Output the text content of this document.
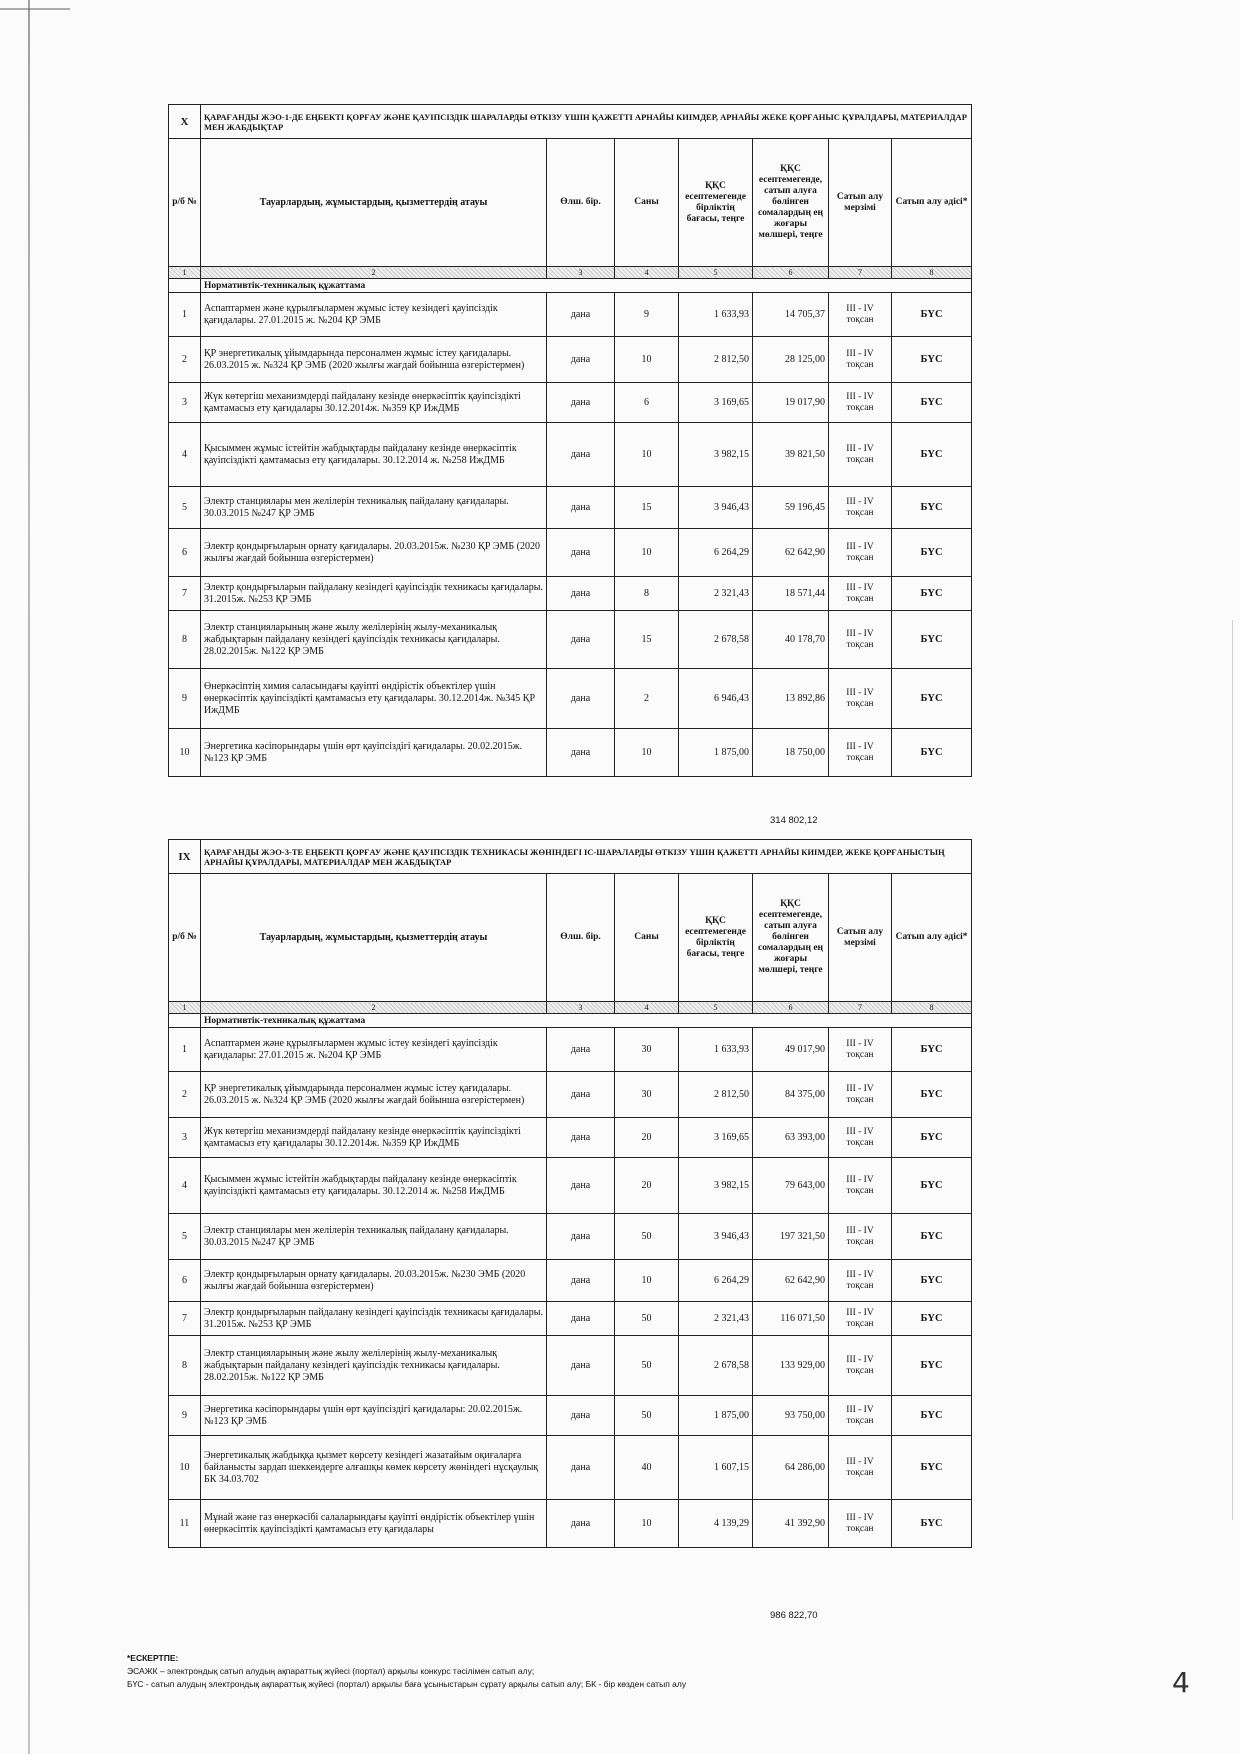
X	ҚАРАҒАНДЫ ЖЭО-1-ДЕ ЕҢБЕКТІ ҚОРҒАУ ЖӘНЕ ҚАУІПСІЗДІК ШАРАЛАРДЫ ӨТКІЗУ ҮШІН ҚАЖЕТТІ АРНАЙЫ КИІМДЕР, АРНАЙЫ ЖЕКЕ ҚОРҒАНЫС ҚҰРАЛДАРЫ, МАТЕРИАЛДАР МЕН ЖАБДЫҚТАР						
р/б №	Тауарлардың, жұмыстардың, қызметтердің атауы	Өлш. бір.	Саны	ҚҚС есептемегенде бірліктің бағасы, теңге	ҚҚС есептемегенде, сатып алуға бөлінген сомалардың ең жоғары мөлшері, теңге	Сатып алу мерзімі	Сатып алу әдісі*
1	2	3	4	5	6	7	8
	Нормативтік-техникалық құжаттама						
1	Аспаптармен және құрылғылармен жұмыс істеу кезіндегі қауіпсіздік қағидалары. 27.01.2015 ж. №204 ҚР ЭМБ	дана	9	1 633,93	14 705,37	III - IV тоқсан	БҮС
2	ҚР энергетикалық ұйымдарында персоналмен жұмыс істеу қағидалары. 26.03.2015 ж. №324 ҚР ЭМБ (2020 жылғы жағдай бойынша өзгерістермен)	дана	10	2 812,50	28 125,00	III - IV тоқсан	БҮС
3	Жүк көтергіш механизмдерді пайдалану кезінде өнеркәсіптік қауіпсіздікті қамтамасыз ету қағидалары 30.12.2014ж. №359 ҚР ИжДМБ	дана	6	3 169,65	19 017,90	III - IV тоқсан	БҮС
4	Қысыммен жұмыс істейтін жабдықтарды пайдалану кезінде өнеркәсіптік қауіпсіздікті қамтамасыз ету қағидалары. 30.12.2014 ж. №258 ИжДМБ	дана	10	3 982,15	39 821,50	III - IV тоқсан	БҮС
5	Электр станциялары мен желілерін техникалық пайдалану қағидалары. 30.03.2015 №247 ҚР ЭМБ	дана	15	3 946,43	59 196,45	III - IV тоқсан	БҮС
6	Электр қондырғыларын орнату қағидалары. 20.03.2015ж. №230 ҚР ЭМБ (2020 жылғы жағдай бойынша өзгерістермен)	дана	10	6 264,29	62 642,90	III - IV тоқсан	БҮС
7	Электр қондырғыларын пайдалану кезіндегі қауіпсіздік техникасы қағидалары. 31.2015ж. №253 ҚР ЭМБ	дана	8	2 321,43	18 571,44	III - IV тоқсан	БҮС
8	Электр станцияларының және жылу желілерінің жылу-механикалық жабдықтарын пайдалану кезіндегі қауіпсіздік техникасы қағидалары. 28.02.2015ж. №122 ҚР ЭМБ	дана	15	2 678,58	40 178,70	III - IV тоқсан	БҮС
9	Өнеркәсіптің химия саласындағы қауіпті өндірістік объектілер үшін өнеркәсіптік қауіпсіздікті қамтамасыз ету қағидалары. 30.12.2014ж. №345 ҚР ИжДМБ	дана	2	6 946,43	13 892,86	III - IV тоқсан	БҮС
10	Энергетика кәсіпорындары үшін өрт қауіпсіздігі қағидалары. 20.02.2015ж. №123 ҚР ЭМБ	дана	10	1 875,00	18 750,00	III - IV тоқсан	БҮС
314 802,12
IX	ҚАРАҒАНДЫ ЖЭО-3-ТЕ ЕҢБЕКТІ ҚОРҒАУ ЖӘНЕ ҚАУІПСІЗДІК ТЕХНИКАСЫ ЖӨНІНДЕГІ ІС-ШАРАЛАРДЫ ӨТКІЗУ ҮШІН ҚАЖЕТТІ АРНАЙЫ КИІМДЕР, ЖЕКЕ ҚОРҒАНЫСТЫҢ АРНАЙЫ ҚҰРАЛДАРЫ, МАТЕРИАЛДАР МЕН ЖАБДЫҚТАР						
р/б №	Тауарлардың, жұмыстардың, қызметтердің атауы	Өлш. бір.	Саны	ҚҚС есептемегенде бірліктің бағасы, теңге	ҚҚС есептемегенде, сатып алуға бөлінген сомалардың ең жоғары мөлшері, теңге	Сатып алу мерзімі	Сатып алу әдісі*
1	2	3	4	5	6	7	8
	Нормативтік-техникалық құжаттама						
1	Аспаптармен және құрылғылармен жұмыс істеу кезіндегі қауіпсіздік қағидалары: 27.01.2015 ж. №204 ҚР ЭМБ	дана	30	1 633,93	49 017,90	III - IV тоқсан	БҮС
2	ҚР энергетикалық ұйымдарында персоналмен жұмыс істеу қағидалары. 26.03.2015 ж. №324 ҚР ЭМБ (2020 жылғы жағдай бойынша өзгерістермен)	дана	30	2 812,50	84 375,00	III - IV тоқсан	БҮС
3	Жүк көтергіш механизмдерді пайдалану кезінде өнеркәсіптік қауіпсіздікті қамтамасыз ету қағидалары 30.12.2014ж. №359 ҚР ИжДМБ	дана	20	3 169,65	63 393,00	III - IV тоқсан	БҮС
4	Қысыммен жұмыс істейтін жабдықтарды пайдалану кезінде өнеркәсіптік қауіпсіздікті қамтамасыз ету қағидалары. 30.12.2014 ж. №258 ИжДМБ	дана	20	3 982,15	79 643,00	III - IV тоқсан	БҮС
5	Электр станциялары мен желілерін техникалық пайдалану қағидалары. 30.03.2015 №247 ҚР ЭМБ	дана	50	3 946,43	197 321,50	III - IV тоқсан	БҮС
6	Электр қондырғыларын орнату қағидалары. 20.03.2015ж. №230 ЭМБ (2020 жылғы жағдай бойынша өзгерістермен)	дана	10	6 264,29	62 642,90	III - IV тоқсан	БҮС
7	Электр қондырғыларын пайдалану кезіндегі қауіпсіздік техникасы қағидалары. 31.2015ж. №253 ҚР ЭМБ	дана	50	2 321,43	116 071,50	III - IV тоқсан	БҮС
8	Электр станцияларының және жылу желілерінің жылу-механикалық жабдықтарын пайдалану кезіндегі қауіпсіздік техникасы қағидалары. 28.02.2015ж. №122 ҚР ЭМБ	дана	50	2 678,58	133 929,00	III - IV тоқсан	БҮС
9	Энергетика кәсіпорындары үшін өрт қауіпсіздігі қағидалары: 20.02.2015ж. №123 ҚР ЭМБ	дана	50	1 875,00	93 750,00	III - IV тоқсан	БҮС
10	Энергетикалық жабдыққа қызмет көрсету кезіндегі жазатайым оқиғаларға байланысты зардап шеккендерге алғашқы көмек көрсету жөніндегі нұсқаулық БК 34.03.702	дана	40	1 607,15	64 286,00	III - IV тоқсан	БҮС
11	Мұнай және газ өнеркәсібі салаларындағы қауіпті өндірістік объектілер үшін өнеркәсіптік қауіпсіздікті қамтамасыз ету қағидалары	дана	10	4 139,29	41 392,90	III - IV тоқсан	БҮС
986 822,70
*ЕСКЕРТПЕ:
ЭСАЖК – электрондық сатып алудың ақпараттық жүйесі (портал) арқылы конкурс тәсілімен сатып алу;
БҮС - сатып алудың электрондық ақпараттық жүйесі (портал) арқылы баға ұсыныстарын сұрату арқылы сатып алу; БК - бір көзден сатып алу	4
